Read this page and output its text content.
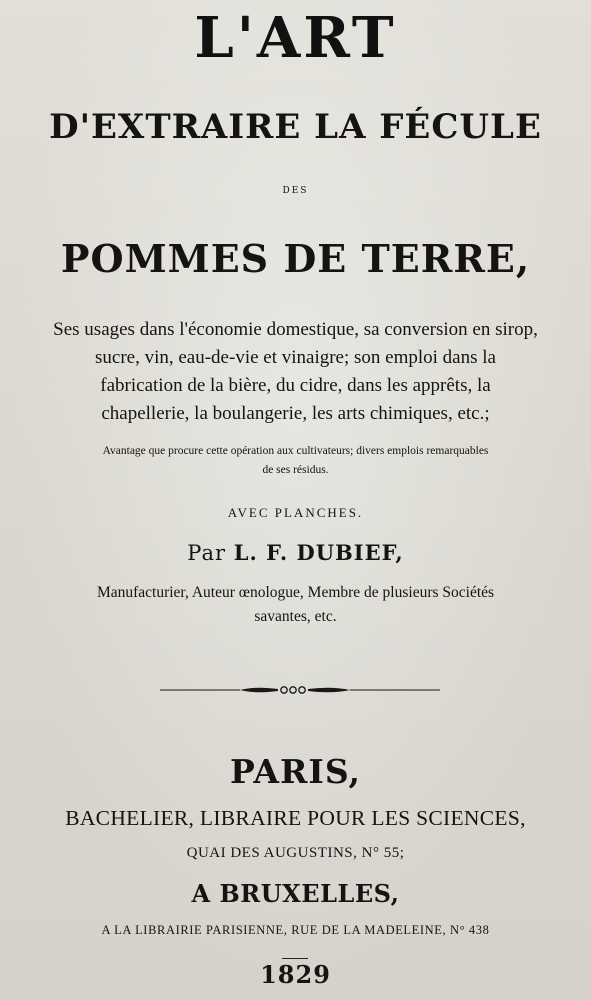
L'ART
D'EXTRAIRE LA FÉCULE
DES
POMMES DE TERRE,
Ses usages dans l'économie domestique, sa conversion en sirop,
sucre, vin, eau-de-vie et vinaigre; son emploi dans la
fabrication de la bière, du cidre, dans les apprêts, la
chapellerie, la boulangerie, les arts chimiques, etc.;
Avantage que procure cette opération aux cultivateurs; divers emplois remarquables
de ses résidus.
AVEC PLANCHES.
Par L. F. DUBIEF,
Manufacturier, Auteur œnologue, Membre de plusieurs Sociétés
savantes, etc.
PARIS,
BACHELIER, LIBRAIRE POUR LES SCIENCES,
QUAI DES AUGUSTINS, N° 55;
A BRUXELLES,
A LA LIBRAIRIE PARISIENNE, RUE DE LA MADELEINE, N° 438
1829
